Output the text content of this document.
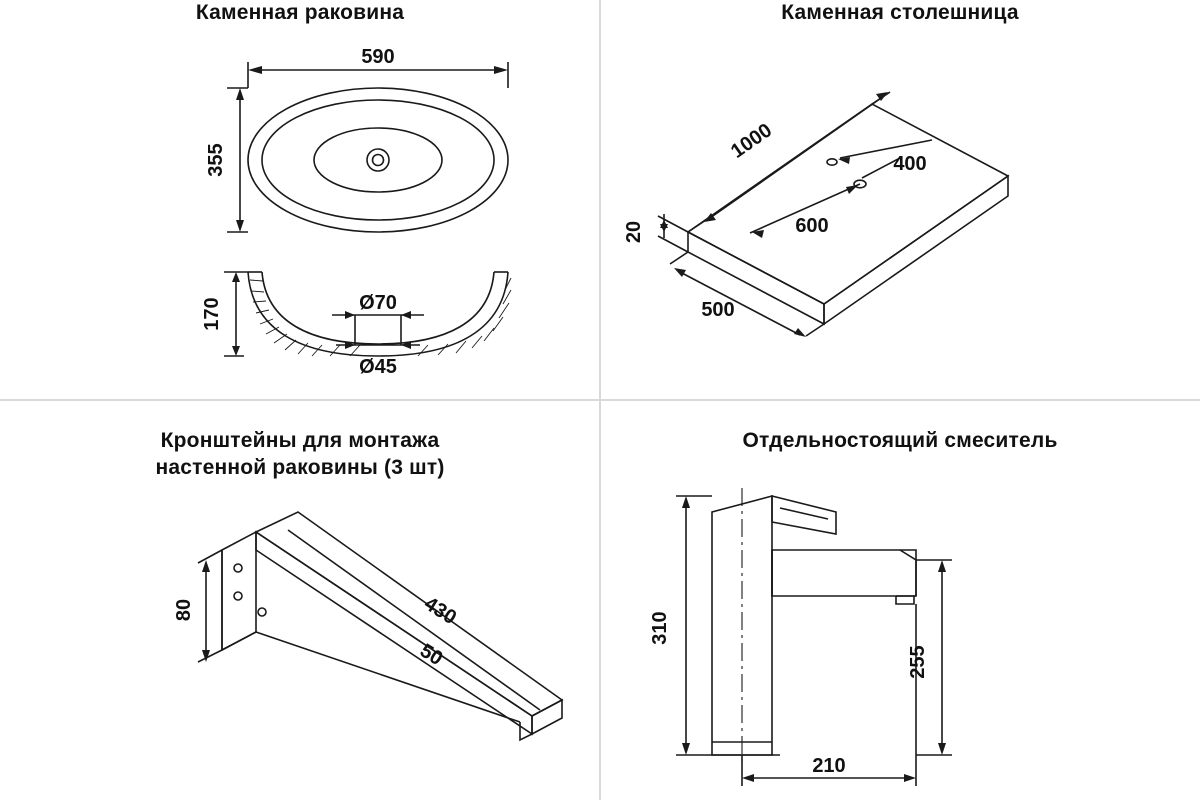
Каменная раковина
590
355
170	Ø70
Ø45
Каменная столешница
1000
400
600
500
20
Кронштейны для монтажа
настенной раковины (3 шт)
80	430
50
Отдельностоящий смеситель
310
255
210
